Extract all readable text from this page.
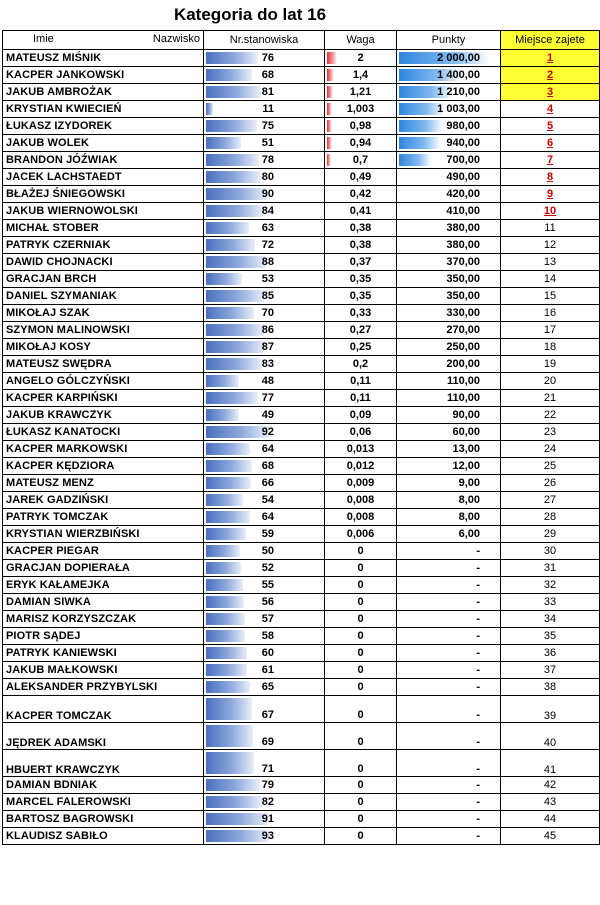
Kategoria do lat 16
Imie Nazwisko	Nr.stanowiska	Waga	Punkty	Miejsce zajete
MATEUSZ MIŚNIK	76	2	2 000,00	1
KACPER JANKOWSKI	68	1,4	1 400,00	2
JAKUB AMBROŻAK	81	1,21	1 210,00	3
KRYSTIAN KWIECIEŃ	11	1,003	1 003,00	4
ŁUKASZ IZYDOREK	75	0,98	980,00	5
JAKUB WOLEK	51	0,94	940,00	6
BRANDON JÓŹWIAK	78	0,7	700,00	7
JACEK LACHSTAEDT	80	0,49	490,00	8
BŁAŻEJ ŚNIEGOWSKI	90	0,42	420,00	9
JAKUB WIERNOWOLSKI	84	0,41	410,00	10
MICHAŁ STOBER	63	0,38	380,00	11
PATRYK CZERNIAK	72	0,38	380,00	12
DAWID CHOJNACKI	88	0,37	370,00	13
GRACJAN BRCH	53	0,35	350,00	14
DANIEL SZYMANIAK	85	0,35	350,00	15
MIKOŁAJ SZAK	70	0,33	330,00	16
SZYMON MALINOWSKI	86	0,27	270,00	17
MIKOŁAJ KOSY	87	0,25	250,00	18
MATEUSZ SWĘDRA	83	0,2	200,00	19
ANGELO GÓLCZYŃSKI	48	0,11	110,00	20
KACPER KARPIŃSKI	77	0,11	110,00	21
JAKUB KRAWCZYK	49	0,09	90,00	22
ŁUKASZ KANATOCKI	92	0,06	60,00	23
KACPER MARKOWSKI	64	0,013	13,00	24
KACPER KĘDZIORA	68	0,012	12,00	25
MATEUSZ MENZ	66	0,009	9,00	26
JAREK GADZIŃSKI	54	0,008	8,00	27
PATRYK TOMCZAK	64	0,008	8,00	28
KRYSTIAN WIERZBIŃSKI	59	0,006	6,00	29
KACPER PIEGAR	50	0	-	30
GRACJAN DOPIERAŁA	52	0	-	31
ERYK KAŁAMEJKA	55	0	-	32
DAMIAN SIWKA	56	0	-	33
MARISZ KORZYSZCZAK	57	0	-	34
PIOTR SĄDEJ	58	0	-	35
PATRYK KANIEWSKI	60	0	-	36
JAKUB MAŁKOWSKI	61	0	-	37
ALEKSANDER PRZYBYLSKI	65	0	-	38
KACPER TOMCZAK	67	0	-	39
JĘDREK ADAMSKI	69	0	-	40
HBUERT KRAWCZYK	71	0	-	41
DAMIAN BDNIAK	79	0	-	42
MARCEL FALEROWSKI	82	0	-	43
BARTOSZ BAGROWSKI	91	0	-	44
KLAUDISZ SABIŁO	93	0	-	45
